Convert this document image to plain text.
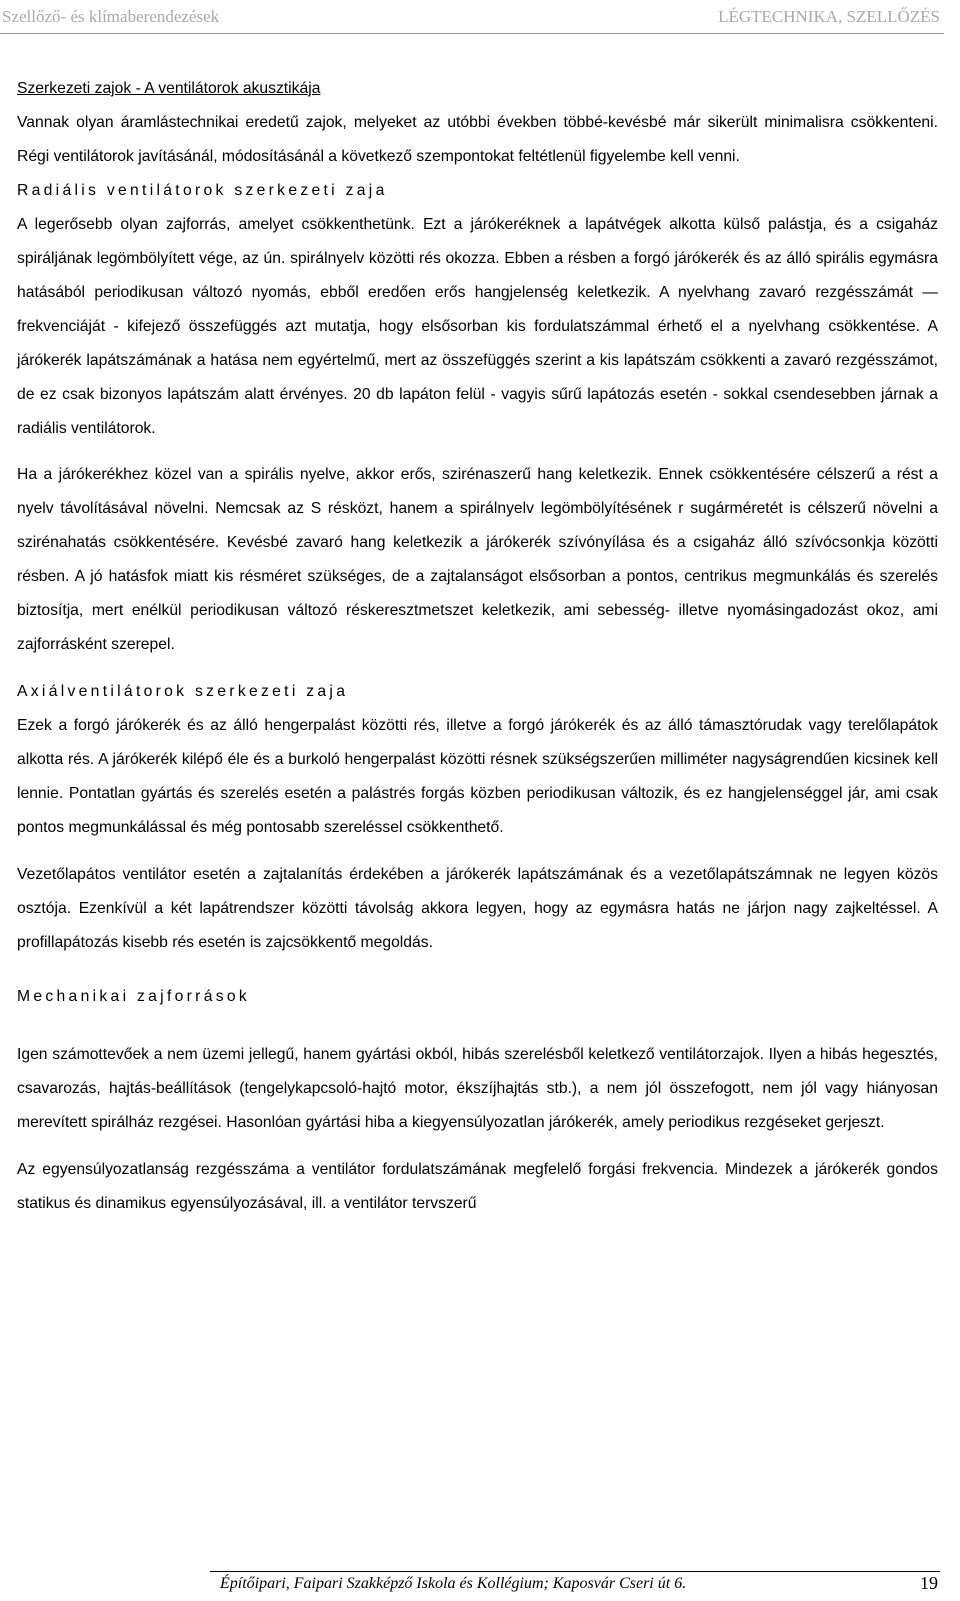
Szellőző- és klímaberendezések	LÉGTECHNIKA, SZELLŐZÉS

Szerkezeti zajok - A ventilátorok akusztikája

Vannak olyan áramlástechnikai eredetű zajok, melyeket az utóbbi években többé-kevésbé már sikerült minimalisra csökkenteni. Régi ventilátorok javításánál, módosításánál a következő szempontokat feltétlenül figyelembe kell venni.

Radiális ventilátorok szerkezeti zaja

A legerősebb olyan zajforrás, amelyet csökkenthetünk. Ezt a járókeréknek a lapátvégek alkotta külső palástja, és a csigaház spiráljának legömbölyített vége, az ún. spirálnyelv közötti rés okozza. Ebben a résben a forgó járókerék és az álló spirális egymásra hatásából periodikusan változó nyomás, ebből eredően erős hangjelenség keletkezik. A nyelvhang zavaró rezgésszámát — frekvenciáját - kifejező összefüggés azt mutatja, hogy elsősorban kis fordulatszámmal érhető el a nyelvhang csökkentése. A járókerék lapátszámának a hatása nem egyértelmű, mert az összefüggés szerint a kis lapátszám csökkenti a zavaró rezgésszámot, de ez csak bizonyos lapátszám alatt érvényes. 20 db lapáton felül - vagyis sűrű lapátozás esetén - sokkal csendesebben járnak a radiális ventilátorok.

Ha a járókerékhez közel van a spirális nyelve, akkor erős, szirénaszerű hang keletkezik. Ennek csökkentésére célszerű a rést a nyelv távolításával növelni. Nemcsak az S résközt, hanem a spirálnyelv legömbölyítésének r sugárméretét is célszerű növelni a szirénahatás csökkentésére. Kevésbé zavaró hang keletkezik a járókerék szívónyílása és a csigaház álló szívócsonkja közötti résben. A jó hatásfok miatt kis résméret szükséges, de a zajtalanságot elsősorban a pontos, centrikus megmunkálás és szerelés biztosítja, mert enélkül periodikusan változó réskeresztmetszet keletkezik, ami sebesség- illetve nyomásingadozást okoz, ami zajforrásként szerepel.

Axiálventilátorok szerkezeti zaja

Ezek a forgó járókerék és az álló hengerpalást közötti rés, illetve a forgó járókerék és az álló támasztórudak vagy terelőlapátok alkotta rés. A járókerék kilépő éle és a burkoló hengerpalást közötti résnek szükségszerűen milliméter nagyságrendűen kicsinek kell lennie. Pontatlan gyártás és szerelés esetén a palástrés forgás közben periodikusan változik, és ez hangjelenséggel jár, ami csak pontos megmunkálással és még pontosabb szereléssel csökkenthető.

Vezetőlapátos ventilátor esetén a zajtalanítás érdekében a járókerék lapátszámának és a vezetőlapátszámnak ne legyen közös osztója. Ezenkívül a két lapátrendszer közötti távolság akkora legyen, hogy az egymásra hatás ne járjon nagy zajkeltéssel. A profillapátozás kisebb rés esetén is zajcsökkentő megoldás.

Mechanikai zajforrások

Igen számottevőek a nem üzemi jellegű, hanem gyártási okból, hibás szerelésből keletkező ventilátorzajok. Ilyen a hibás hegesztés, csavarozás, hajtás-beállítások (tengelykapcsoló-hajtó motor, ékszíjhajtás stb.), a nem jól összefogott, nem jól vagy hiányosan merevített spirálház rezgései. Hasonlóan gyártási hiba a kiegyensúlyozatlan járókerék, amely periodikus rezgéseket gerjeszt.

Az egyensúlyozatlanság rezgésszáma a ventilátor fordulatszámának megfelelő forgási frekvencia. Mindezek a járókerék gondos statikus és dinamikus egyensúlyozásával, ill. a ventilátor tervszerű

Építőipari, Faipari Szakképző Iskola és Kollégium; Kaposvár Cseri út 6.	19
